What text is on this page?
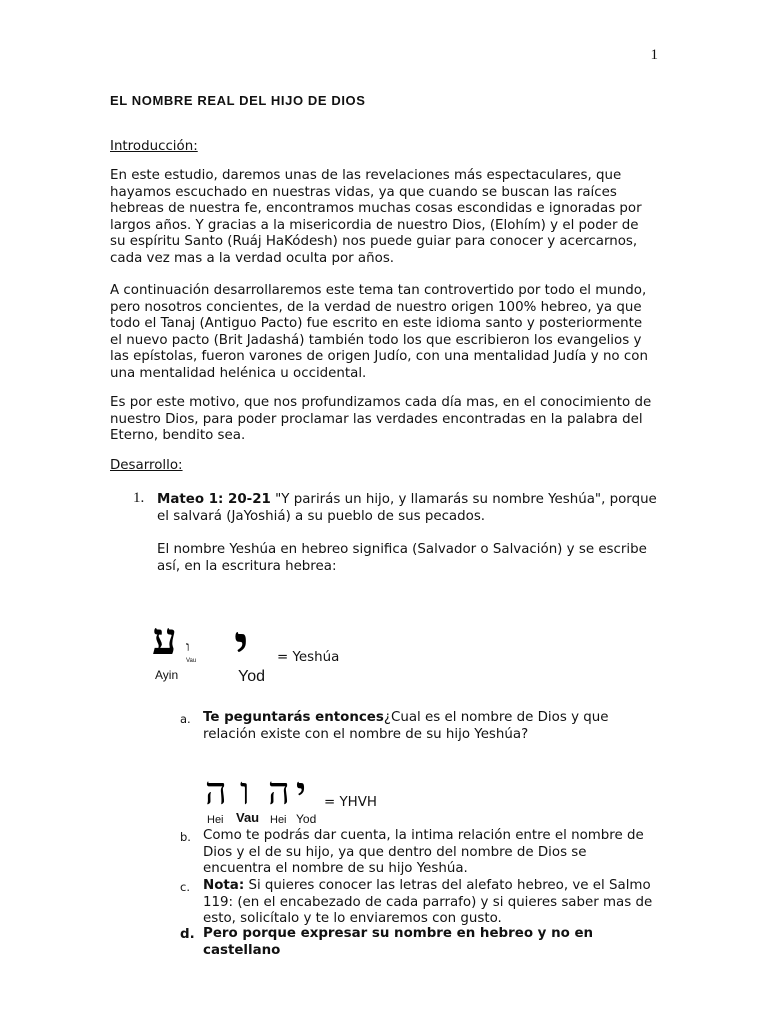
1
EL NOMBRE REAL DEL HIJO DE DIOS
Introducción:
En este estudio, daremos unas de las revelaciones más espectaculares, que hayamos escuchado en nuestras vidas, ya que cuando se buscan las raíces hebreas de nuestra fe, encontramos muchas cosas escondidas e ignoradas por largos años. Y gracias a la misericordia de nuestro Dios, (Elohím) y el poder de su espíritu Santo (Ruáj HaKódesh) nos puede guiar para conocer y acercarnos, cada vez mas a la verdad oculta por años.
A continuación desarrollaremos este tema tan controvertido por todo el mundo, pero nosotros concientes, de la verdad de nuestro origen 100% hebreo, ya que todo el Tanaj (Antiguo Pacto) fue escrito en este idioma santo y posteriormente el nuevo pacto (Brit Jadashá) también todo los que escribieron los evangelios y las epístolas, fueron varones de origen Judío, con una mentalidad Judía y no con una mentalidad helénica u occidental.
Es por este motivo, que nos profundizamos cada día mas, en el conocimiento de nuestro Dios, para poder proclamar las verdades encontradas en la palabra del Eterno, bendito sea.
Desarrollo:
1. Mateo 1: 20-21 "Y parirás un hijo, y llamarás su nombre Yeshúa", porque el salvará (JaYoshiá) a su pueblo de sus pecados.
El nombre Yeshúa en hebreo significa (Salvador o Salvación) y se escribe así, en la escritura hebrea:
ע ו
Vau י
Ayin	Yod
= Yeshúa
a. Te peguntarás entonces¿Cual es el nombre de Dios y que relación existe con el nombre de su hijo Yeshúa?
ה ו ה י
Hei Vau Hei Yod
= YHVH
b. Como te podrás dar cuenta, la intima relación entre el nombre de Dios y el de su hijo, ya que dentro del nombre de Dios se encuentra el nombre de su hijo Yeshúa.
c. Nota: Si quieres conocer las letras del alefato hebreo, ve el Salmo 119: (en el encabezado de cada parrafo) y si quieres saber mas de esto, solicítalo y te lo enviaremos con gusto.
d. Pero porque expresar su nombre en hebreo y no en castellano
